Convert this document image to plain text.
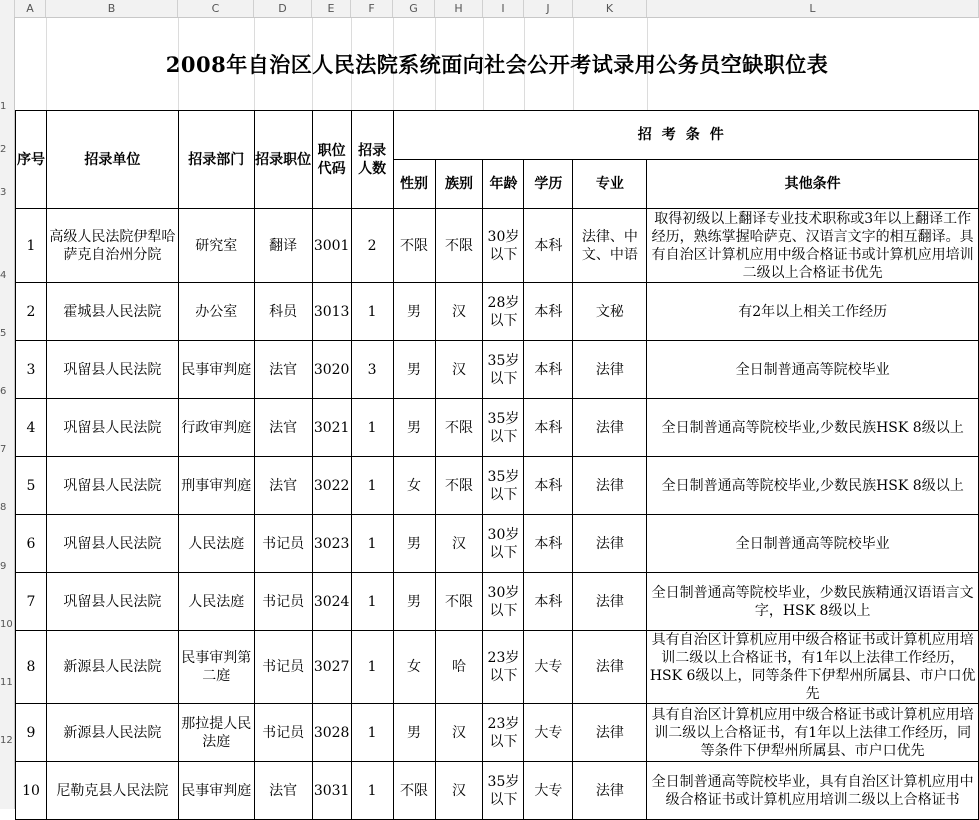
A	B	C	D	E	F	G	H	I	J	K	L
1
2
3
4
5
6
7
8
9
10
11
12
2008年自治区人民法院系统面向社会公开考试录用公务员空缺职位表
序号	招录单位	招录部门	招录职位	职位代码	招录人数	招考条件					
						性别	族别	年龄	学历	专业	其他条件
1	高级人民法院伊犁哈萨克自治州分院	研究室	翻译	3001	2	不限	不限	30岁以下	本科	法律、中文、中语	取得初级以上翻译专业技术职称或3年以上翻译工作经历，熟练掌握哈萨克、汉语言文字的相互翻译。具有自治区计算机应用中级合格证书或计算机应用培训二级以上合格证书优先
2	霍城县人民法院	办公室	科员	3013	1	男	汉	28岁以下	本科	文秘	有2年以上相关工作经历
3	巩留县人民法院	民事审判庭	法官	3020	3	男	汉	35岁以下	本科	法律	全日制普通高等院校毕业
4	巩留县人民法院	行政审判庭	法官	3021	1	男	不限	35岁以下	本科	法律	全日制普通高等院校毕业,少数民族HSK 8级以上
5	巩留县人民法院	刑事审判庭	法官	3022	1	女	不限	35岁以下	本科	法律	全日制普通高等院校毕业,少数民族HSK 8级以上
6	巩留县人民法院	人民法庭	书记员	3023	1	男	汉	30岁以下	本科	法律	全日制普通高等院校毕业
7	巩留县人民法院	人民法庭	书记员	3024	1	男	不限	30岁以下	本科	法律	全日制普通高等院校毕业，少数民族精通汉语语言文字，HSK 8级以上
8	新源县人民法院	民事审判第二庭	书记员	3027	1	女	哈	23岁以下	大专	法律	具有自治区计算机应用中级合格证书或计算机应用培训二级以上合格证书，有1年以上法律工作经历，HSK 6级以上，同等条件下伊犁州所属县、市户口优先
9	新源县人民法院	那拉提人民法庭	书记员	3028	1	男	汉	23岁以下	大专	法律	具有自治区计算机应用中级合格证书或计算机应用培训二级以上合格证书，有1年以上法律工作经历，同等条件下伊犁州所属县、市户口优先
10	尼勒克县人民法院	民事审判庭	法官	3031	1	不限	汉	35岁以下	大专	法律	全日制普通高等院校毕业，具有自治区计算机应用中级合格证书或计算机应用培训二级以上合格证书
